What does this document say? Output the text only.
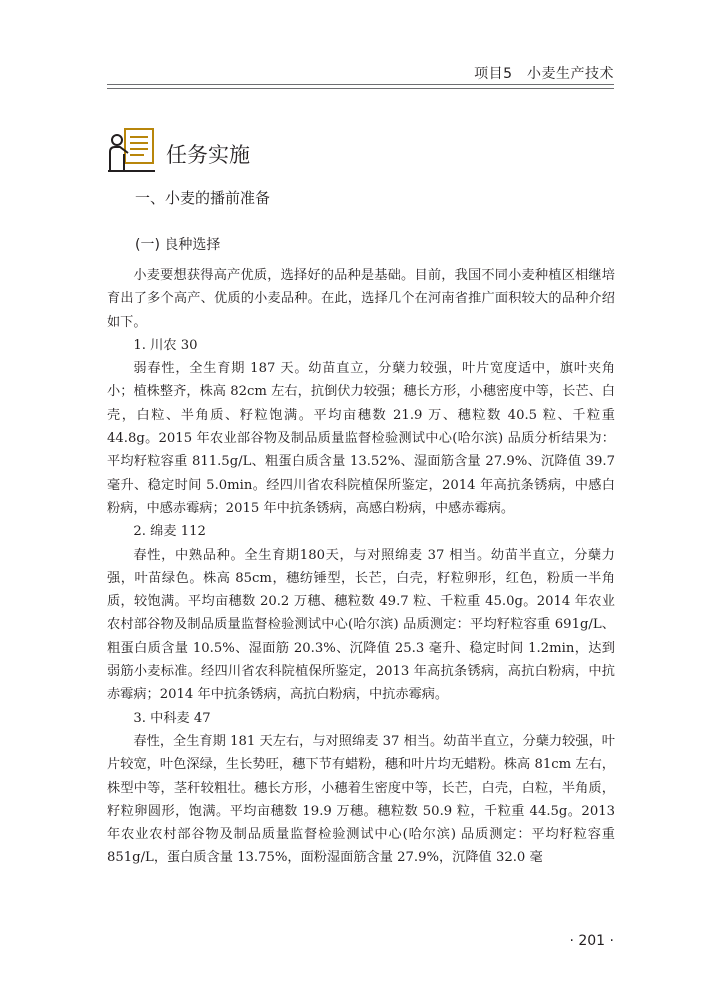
项目5　小麦生产技术
任务实施
一、小麦的播前准备
(一) 良种选择

小麦要想获得高产优质，选择好的品种是基础。目前，我国不同小麦种植区相继培育出了多个高产、优质的小麦品种。在此，选择几个在河南省推广面积较大的品种介绍如下。

1. 川农 30

弱春性，全生育期 187 天。幼苗直立，分蘖力较强，叶片宽度适中，旗叶夹角小；植株整齐，株高 82cm 左右，抗倒伏力较强；穗长方形，小穗密度中等，长芒、白壳，白粒、半角质、籽粒饱满。平均亩穗数 21.9 万、穗粒数 40.5 粒、千粒重 44.8g。2015 年农业部谷物及制品质量监督检验测试中心(哈尔滨) 品质分析结果为：平均籽粒容重 811.5g/L、粗蛋白质含量 13.52%、湿面筋含量 27.9%、沉降值 39.7 毫升、稳定时间 5.0min。经四川省农科院植保所鉴定，2014 年高抗条锈病，中感白粉病，中感赤霉病；2015 年中抗条锈病，高感白粉病，中感赤霉病。

2. 绵麦 112

春性，中熟品种。全生育期180天，与对照绵麦 37 相当。幼苗半直立，分蘖力强，叶苗绿色。株高 85cm，穗纺锤型，长芒，白壳，籽粒卵形，红色，粉质一半角质，较饱满。平均亩穗数 20.2 万穗、穗粒数 49.7 粒、千粒重 45.0g。2014 年农业农村部谷物及制品质量监督检验测试中心(哈尔滨) 品质测定：平均籽粒容重 691g/L、粗蛋白质含量 10.5%、湿面筋 20.3%、沉降值 25.3 毫升、稳定时间 1.2min，达到弱筋小麦标准。经四川省农科院植保所鉴定，2013 年高抗条锈病，高抗白粉病，中抗赤霉病；2014 年中抗条锈病，高抗白粉病，中抗赤霉病。

3. 中科麦 47

春性，全生育期 181 天左右，与对照绵麦 37 相当。幼苗半直立，分蘖力较强，叶片较宽，叶色深绿，生长势旺，穗下节有蜡粉，穗和叶片均无蜡粉。株高 81cm 左右，株型中等，茎秆较粗壮。穗长方形，小穗着生密度中等，长芒，白壳，白粒，半角质，籽粒卵圆形，饱满。平均亩穗数 19.9 万穗。穗粒数 50.9 粒，千粒重 44.5g。2013 年农业农村部谷物及制品质量监督检验测试中心(哈尔滨) 品质测定：平均籽粒容重 851g/L，蛋白质含量 13.75%，面粉湿面筋含量 27.9%，沉降值 32.0 毫

· 201 ·
